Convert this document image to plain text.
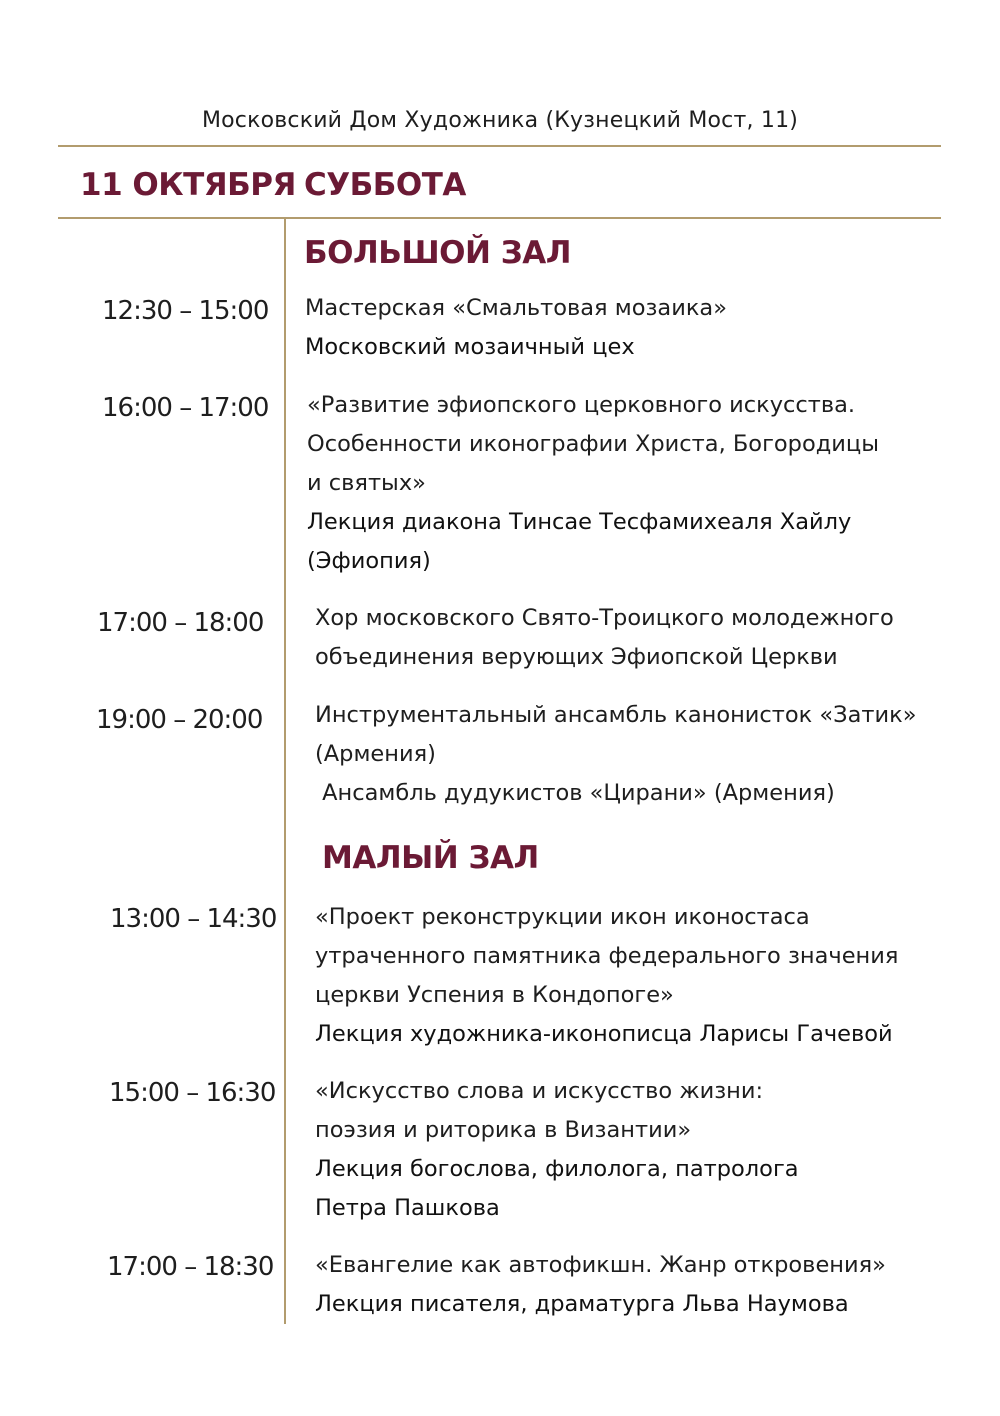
Московский Дом Художника (Кузнецкий Мост, 11)
11 ОКТЯБРЯ СУББОТА
БОЛЬШОЙ ЗАЛ
12:30 – 15:00 Мастерская «Смальтовая мозаика»
Московский мозаичный цех
16:00 – 17:00 «Развитие эфиопского церковного искусства.
Особенности иконографии Христа, Богородицы
и святых»
Лекция диакона Тинсае Тесфамихеаля Хайлу
(Эфиопия)
17:00 – 18:00 Хор московского Свято-Троицкого молодежного
объединения верующих Эфиопской Церкви
19:00 – 20:00 Инструментальный ансамбль канонисток «Затик»
(Армения)
Ансамбль дудукистов «Цирани» (Армения)
МАЛЫЙ ЗАЛ
13:00 – 14:30 «Проект реконструкции икон иконостаса
утраченного памятника федерального значения
церкви Успения в Кондопоге»
Лекция художника-иконописца Ларисы Гачевой
15:00 – 16:30 «Искусство слова и искусство жизни:
поэзия и риторика в Византии»
Лекция богослова, филолога, патролога
Петра Пашкова
17:00 – 18:30 «Евангелие как автофикшн. Жанр откровения»
Лекция писателя, драматурга Льва Наумова
